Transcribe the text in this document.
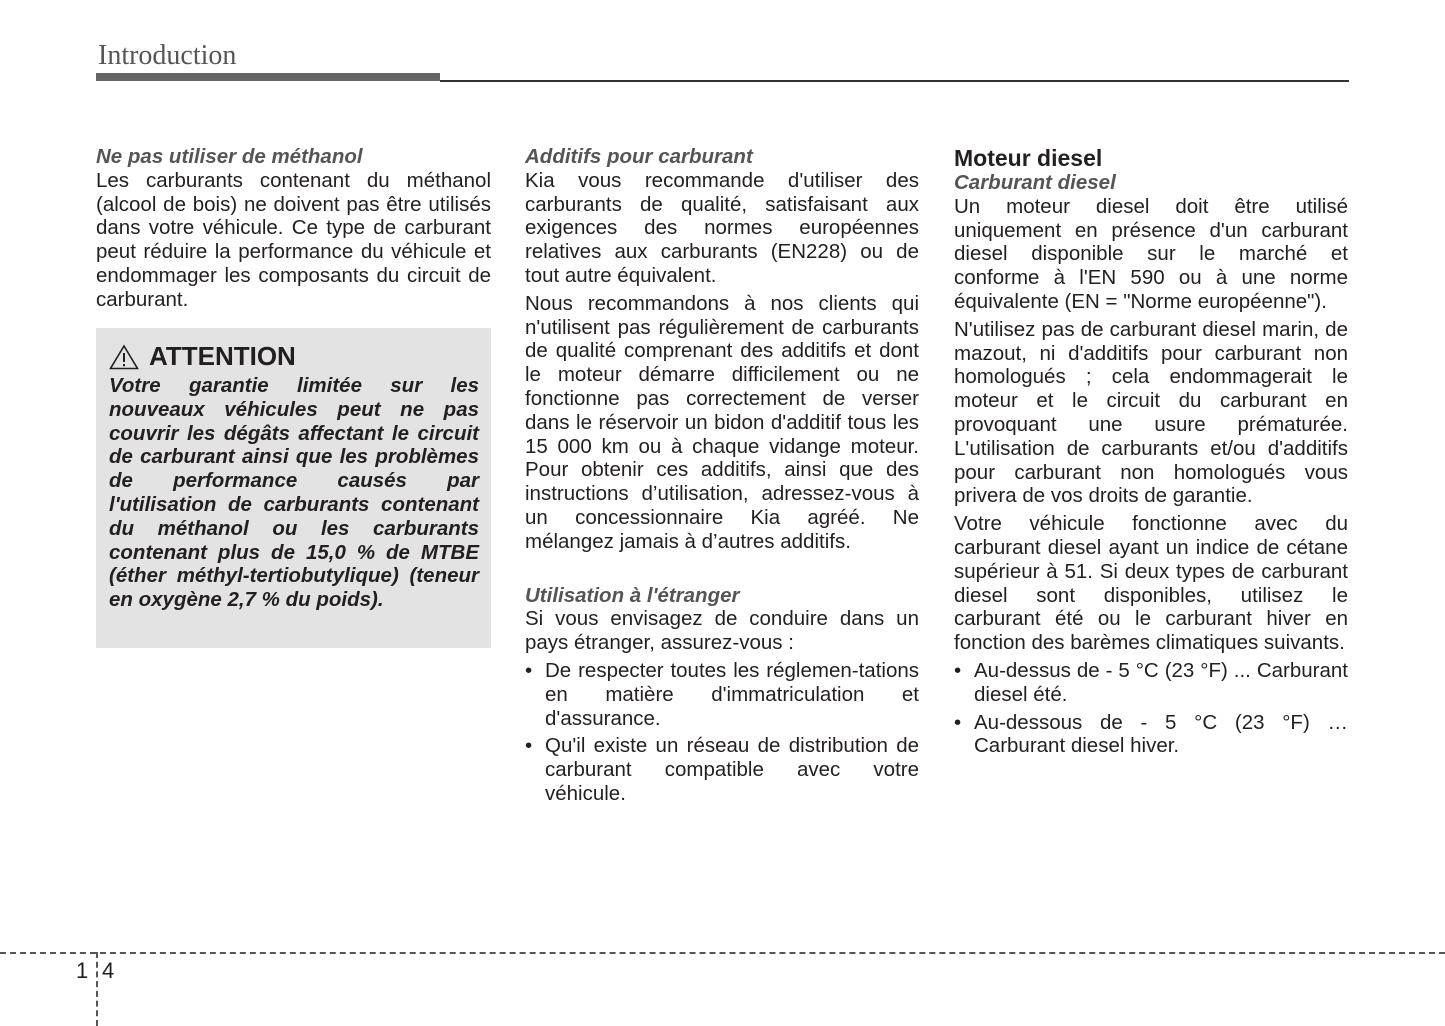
Introduction
Ne pas utiliser de méthanol

Les carburants contenant du méthanol (alcool de bois) ne doivent pas être utilisés dans votre véhicule. Ce type de carburant peut réduire la performance du véhicule et endommager les composants du circuit de carburant.

ATTENTION

Votre garantie limitée sur les nouveaux véhicules peut ne pas couvrir les dégâts affectant le circuit de carburant ainsi que les problèmes de performance causés par l'utilisation de carburants contenant du méthanol ou les carburants contenant plus de 15,0 % de MTBE (éther méthyl-tertiobutylique) (teneur en oxygène 2,7 % du poids).

Additifs pour carburant

Kia vous recommande d'utiliser des carburants de qualité, satisfaisant aux exigences des normes européennes relatives aux carburants (EN228) ou de tout autre équivalent.

Nous recommandons à nos clients qui n'utilisent pas régulièrement de carburants de qualité comprenant des additifs et dont le moteur démarre difficilement ou ne fonctionne pas correctement de verser dans le réservoir un bidon d'additif tous les 15 000 km ou à chaque vidange moteur. Pour obtenir ces additifs, ainsi que des instructions d’utilisation, adressez-vous à un concessionnaire Kia agréé. Ne mélangez jamais à d’autres additifs.

Utilisation à l'étranger

Si vous envisagez de conduire dans un pays étranger, assurez-vous :

• De respecter toutes les réglemen-tations en matière d'immatriculation et d'assurance.
• Qu'il existe un réseau de distribution de carburant compatible avec votre véhicule.
Moteur diesel
Carburant diesel

Un moteur diesel doit être utilisé uniquement en présence d'un carburant diesel disponible sur le marché et conforme à l'EN 590 ou à une norme équivalente (EN = "Norme européenne").

N'utilisez pas de carburant diesel marin, de mazout, ni d'additifs pour carburant non homologués ; cela endommagerait le moteur et le circuit du carburant en provoquant une usure prématurée. L'utilisation de carburants et/ou d'additifs pour carburant non homologués vous privera de vos droits de garantie.

Votre véhicule fonctionne avec du carburant diesel ayant un indice de cétane supérieur à 51. Si deux types de carburant diesel sont disponibles, utilisez le carburant été ou le carburant hiver en fonction des barèmes climatiques suivants.

• Au-dessus de - 5 °C (23 °F) ... Carburant diesel été.
• Au-dessous de - 5 °C (23 °F) … Carburant diesel hiver.
1 4
